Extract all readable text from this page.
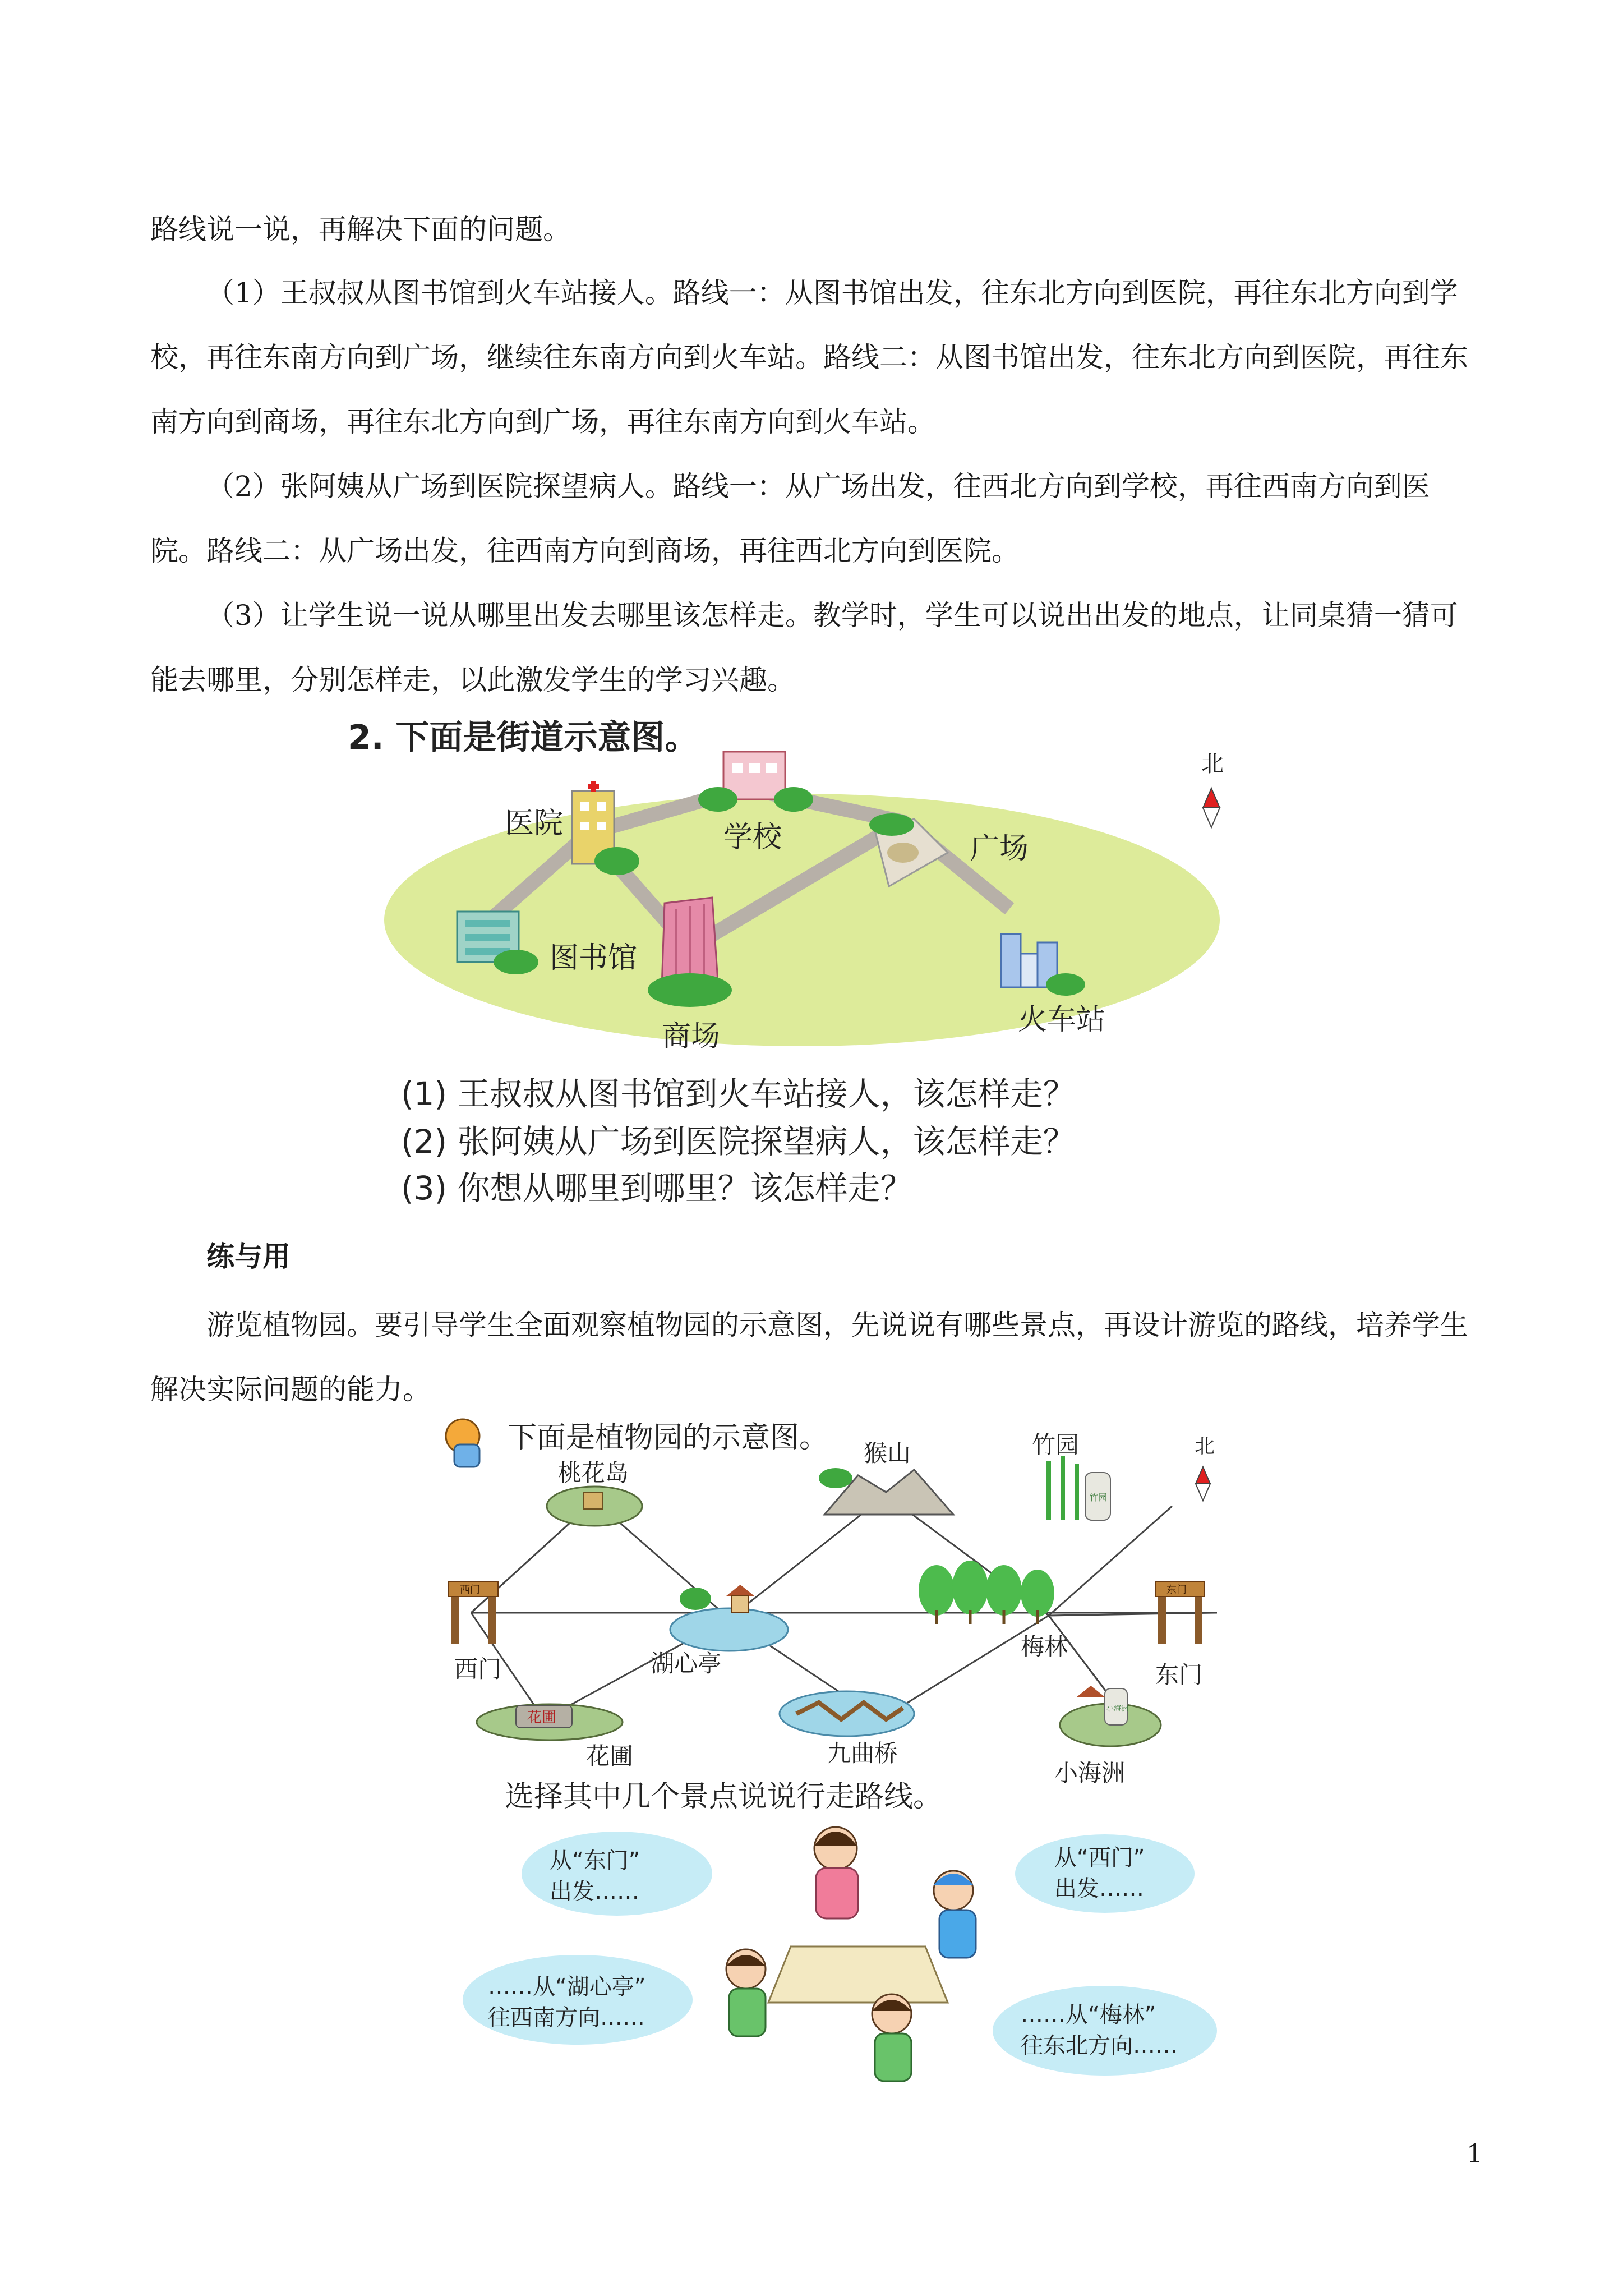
路线说一说，再解决下面的问题。

（1）王叔叔从图书馆到火车站接人。路线一：从图书馆出发，往东北方向到医院，再往东北方向到学校，再往东南方向到广场，继续往东南方向到火车站。路线二：从图书馆出发，往东北方向到医院，再往东南方向到商场，再往东北方向到广场，再往东南方向到火车站。

（2）张阿姨从广场到医院探望病人。路线一：从广场出发，往西北方向到学校，再往西南方向到医院。路线二：从广场出发，往西南方向到商场，再往西北方向到医院。

（3）让学生说一说从哪里出发去哪里该怎样走。教学时，学生可以说出出发的地点，让同桌猜一猜可能去哪里，分别怎样走，以此激发学生的学习兴趣。

2. 下面是街道示意图。
北
医院	学校	广场
图书馆
商场	火车站
(1) 王叔叔从图书馆到火车站接人，该怎样走？
(2) 张阿姨从广场到医院探望病人，该怎样走？
(3) 你想从哪里到哪里？该怎样走？
练与用

游览植物园。要引导学生全面观察植物园的示意图，先说说有哪些景点，再设计游览的路线，培养学生解决实际问题的能力。

下面是植物园的示意图。	北
桃花岛
猴山
竹园
竹园
西门
西门	湖心亭
梅林
东门
东门
花圃
花圃	九曲桥
小海洲
小海洲
选择其中几个景点说说行走路线。
从“东门”
出发……
从“西门”
出发……
……从“湖心亭”
往西南方向……	……从“梅林”
往东北方向……
1
